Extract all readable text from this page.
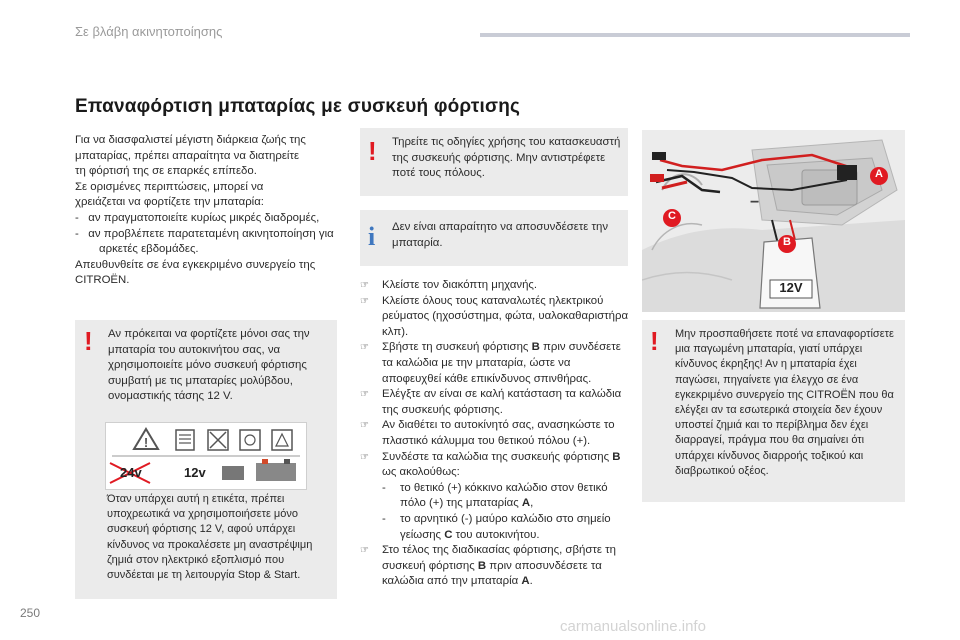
Σε βλάβη ακινητοποίησης
Επαναφόρτιση μπαταρίας με συσκευή φόρτισης

Για να διασφαλιστεί μέγιστη διάρκεια ζωής της

μπαταρίας, πρέπει απαραίτητα να διατηρείτε

τη φόρτισή της σε επαρκές επίπεδο.

Σε ορισμένες περιπτώσεις, μπορεί να

χρειάζεται να φορτίζετε την μπαταρία:

-   αν πραγματοποιείτε κυρίως μικρές διαδρομές,

-   αν προβλέπετε παρατεταμένη ακινητοποίηση για αρκετές εβδομάδες.

Απευθυνθείτε σε ένα εγκεκριμένο συνεργείο της CITROËN.

! Αν πρόκειται να φορτίζετε μόνοι σας την μπαταρία του αυτοκινήτου σας, να χρησιμοποιείτε μόνο συσκευή φόρτισης συμβατή με τις μπαταρίες μολύβδου, ονομαστικής τάσης 12 V.
!
24v	12v
Όταν υπάρχει αυτή η ετικέτα, πρέπει υποχρεωτικά να χρησιμοποιήσετε μόνο συσκευή φόρτισης 12 V, αφού υπάρχει κίνδυνος να προκαλέσετε μη αναστρέψιμη ζημιά στον ηλεκτρικό εξοπλισμό που συνδέεται με τη λειτουργία Stop & Start.
! Τηρείτε τις οδηγίες χρήσης του κατασκευαστή της συσκευής φόρτισης. Μην αντιστρέφετε ποτέ τους πόλους.
i Δεν είναι απαραίτητο να αποσυνδέσετε την μπαταρία.
☞ Κλείστε τον διακόπτη μηχανής.
☞ Κλείστε όλους τους καταναλωτές ηλεκτρικού ρεύματος (ηχοσύστημα, φώτα, υαλοκαθαριστήρα κλπ).
☞ Σβήστε τη συσκευή φόρτισης B πριν συνδέσετε τα καλώδια με την μπαταρία, ώστε να αποφευχθεί κάθε επικίνδυνος σπινθήρας.
☞ Ελέγξτε αν είναι σε καλή κατάσταση τα καλώδια της συσκευής φόρτισης.
☞ Αν διαθέτει το αυτοκίνητό σας, ανασηκώστε το πλαστικό κάλυμμα του θετικού πόλου (+).
☞ Συνδέστε τα καλώδια της συσκευής φόρτισης B ως ακολούθως:
- το θετικό (+) κόκκινο καλώδιο στον θετικό πόλο (+) της μπαταρίας A,
- το αρνητικό (-) μαύρο καλώδιο στο σημείο γείωσης C του αυτοκινήτου.
☞ Στο τέλος της διαδικασίας φόρτισης, σβήστε τη συσκευή φόρτισης B πριν αποσυνδέσετε τα καλώδια από την μπαταρία A.
C
A
B
12V
−
! Μην προσπαθήσετε ποτέ να επαναφορτίσετε μια παγωμένη μπαταρία, γιατί υπάρχει κίνδυνος έκρηξης! Αν η μπαταρία έχει παγώσει, πηγαίνετε για έλεγχο σε ένα εγκεκριμένο συνεργείο της CITROËN που θα ελέγξει αν τα εσωτερικά στοιχεία δεν έχουν υποστεί ζημιά και το περίβλημα δεν έχει διαρραγεί, πράγμα που θα σημαίνει ότι υπάρχει κίνδυνος διαρροής τοξικού και διαβρωτικού οξέος.
250
carmanualsonline.info
